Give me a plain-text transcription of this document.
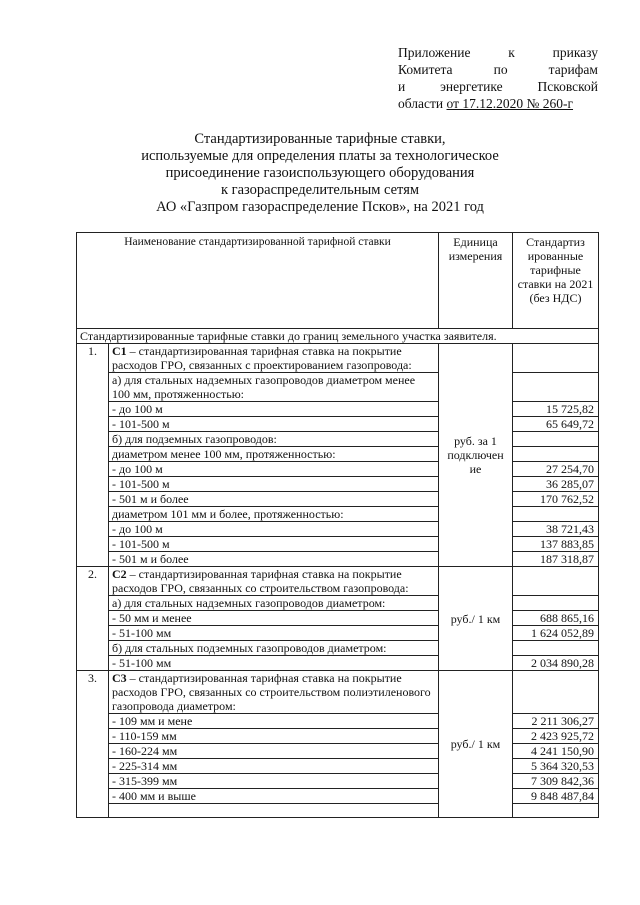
Приложение	к	приказу
Комитета	по	тарифам
и	энергетике	Псковской
области от 17.12.2020 № 260-г
Стандартизированные тарифные ставки,
используемые для определения платы за технологическое
присоединение газоиспользующего оборудования
к газораспределительным сетям
АО «Газпром газораспределение Псков», на 2021 год
Наименование стандартизированной тарифной ставки		Единица измерения	Стандартиз ированные тарифные ставки на 2021 (без НДС)
Стандартизированные тарифные ставки до границ земельного участка заявителя.			
1.	С1 – стандартизированная тарифная ставка на покрытие расходов ГРО, связанных с проектированием газопровода:	руб. за 1 подключен ие	
	а) для стальных надземных газопроводов диаметром менее 100 мм, протяженностью:		
	- до 100 м		15 725,82
	- 101-500 м		65 649,72
	б) для подземных газопроводов:		
	диаметром менее 100 мм, протяженностью:		
	- до 100 м		27 254,70
	- 101-500 м		36 285,07
	- 501 м и более		170 762,52
	диаметром 101 мм и более, протяженностью:		
	- до 100 м		38 721,43
	- 101-500 м		137 883,85
	- 501 м и более		187 318,87
2.	С2 – стандартизированная тарифная ставка на покрытие расходов ГРО, связанных со строительством газопровода:	руб./ 1 км	
	а) для стальных надземных газопроводов диаметром:		
	- 50 мм и менее		688 865,16
	- 51-100 мм		1 624 052,89
	б) для стальных подземных газопроводов диаметром:		
	- 51-100 мм		2 034 890,28
3.	С3 – стандартизированная тарифная ставка на покрытие расходов ГРО, связанных со строительством полиэтиленового газопровода диаметром:	руб./ 1 км	
	- 109 мм и мене		2 211 306,27
	- 110-159 мм		2 423 925,72
	- 160-224 мм		4 241 150,90
	- 225-314 мм		5 364 320,53
	- 315-399 мм		7 309 842,36
	- 400 мм и выше		9 848 487,84
